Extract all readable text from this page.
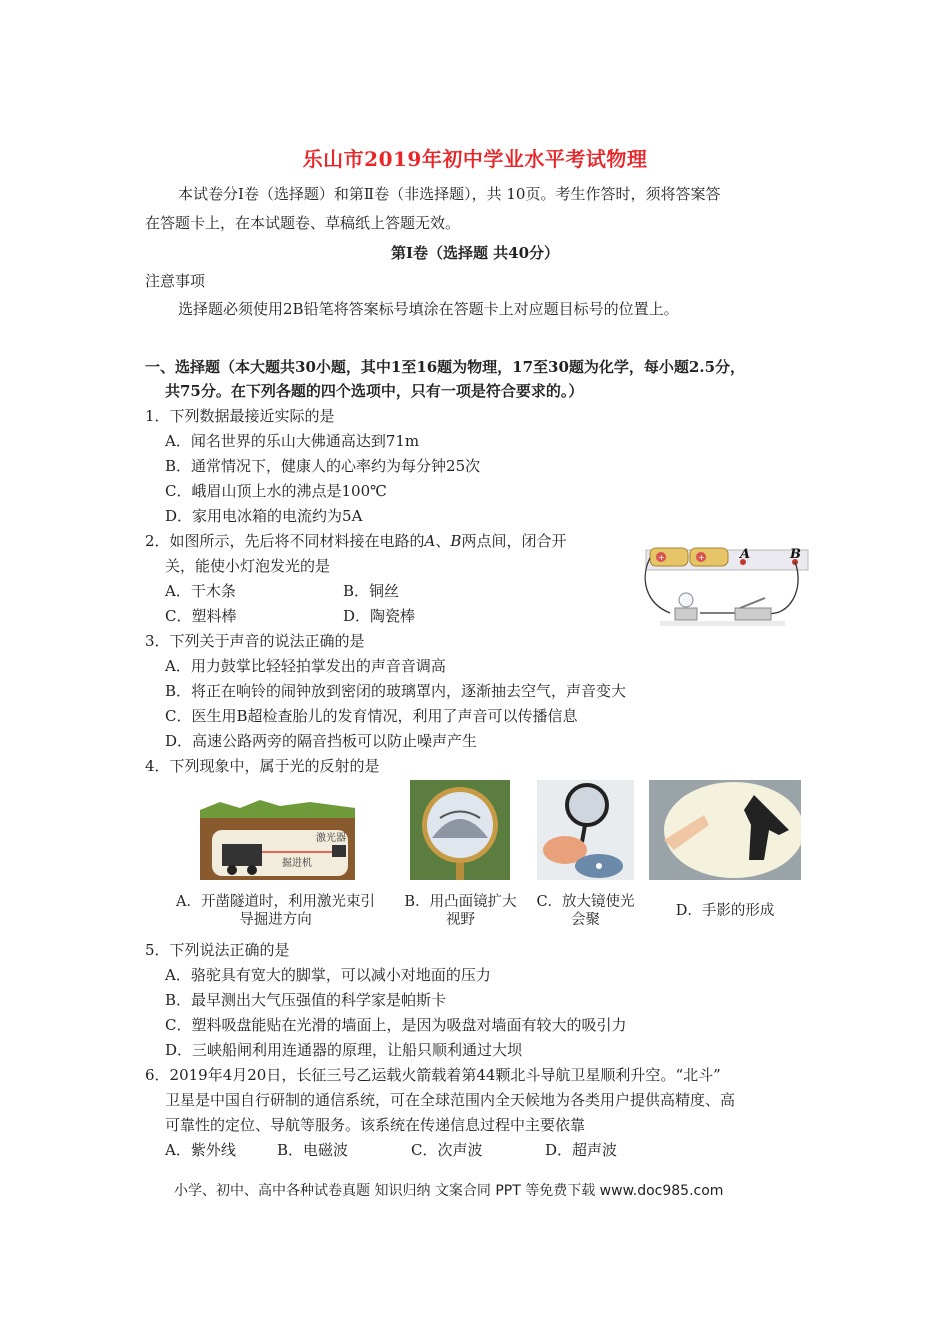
乐山市2019年初中学业水平考试物理
本试卷分Ⅰ卷（选择题）和第Ⅱ卷（非选择题），共 10页。考生作答时，须将答案答
在答题卡上，在本试题卷、草稿纸上答题无效。
第Ⅰ卷（选择题 共40分）
注意事项
选择题必须使用2B铅笔将答案标号填涂在答题卡上对应题目标号的位置上。
一、选择题（本大题共30小题，其中1至16题为物理，17至30题为化学，每小题2.5分，
共75分。在下列各题的四个选项中，只有一项是符合要求的。）
1．下列数据最接近实际的是
A．闻名世界的乐山大佛通高达到71m
B．通常情况下，健康人的心率约为每分钟25次
C．峨眉山顶上水的沸点是100℃
D．家用电冰箱的电流约为5A
2．如图所示，先后将不同材料接在电路的A、B两点间，闭合开
关，能使小灯泡发光的是
A．干木条	B．铜丝
C．塑料棒	D．陶瓷棒
+	+	A	B
3．下列关于声音的说法正确的是
A．用力鼓掌比轻轻拍掌发出的声音音调高
B．将正在响铃的闹钟放到密闭的玻璃罩内，逐渐抽去空气，声音变大
C．医生用B超检查胎儿的发育情况，利用了声音可以传播信息
D．高速公路两旁的隔音挡板可以防止噪声产生
4．下列现象中，属于光的反射的是
激光器
掘进机
A．开凿隧道时，利用激光束引
导掘进方向
B．用凸面镜扩大
视野
C．放大镜使光
会聚
D．手影的形成
5．下列说法正确的是
A．骆驼具有宽大的脚掌，可以减小对地面的压力
B．最早测出大气压强值的科学家是帕斯卡
C．塑料吸盘能贴在光滑的墙面上，是因为吸盘对墙面有较大的吸引力
D．三峡船闸利用连通器的原理，让船只顺利通过大坝
6．2019年4月20日，长征三号乙运载火箭载着第44颗北斗导航卫星顺利升空。“北斗”
卫星是中国自行研制的通信系统，可在全球范围内全天候地为各类用户提供高精度、高
可靠性的定位、导航等服务。该系统在传递信息过程中主要依靠
A．紫外线	B．电磁波	C．次声波	D．超声波
小学、初中、高中各种试卷真题 知识归纳 文案合同 PPT 等免费下载 www.doc985.com
